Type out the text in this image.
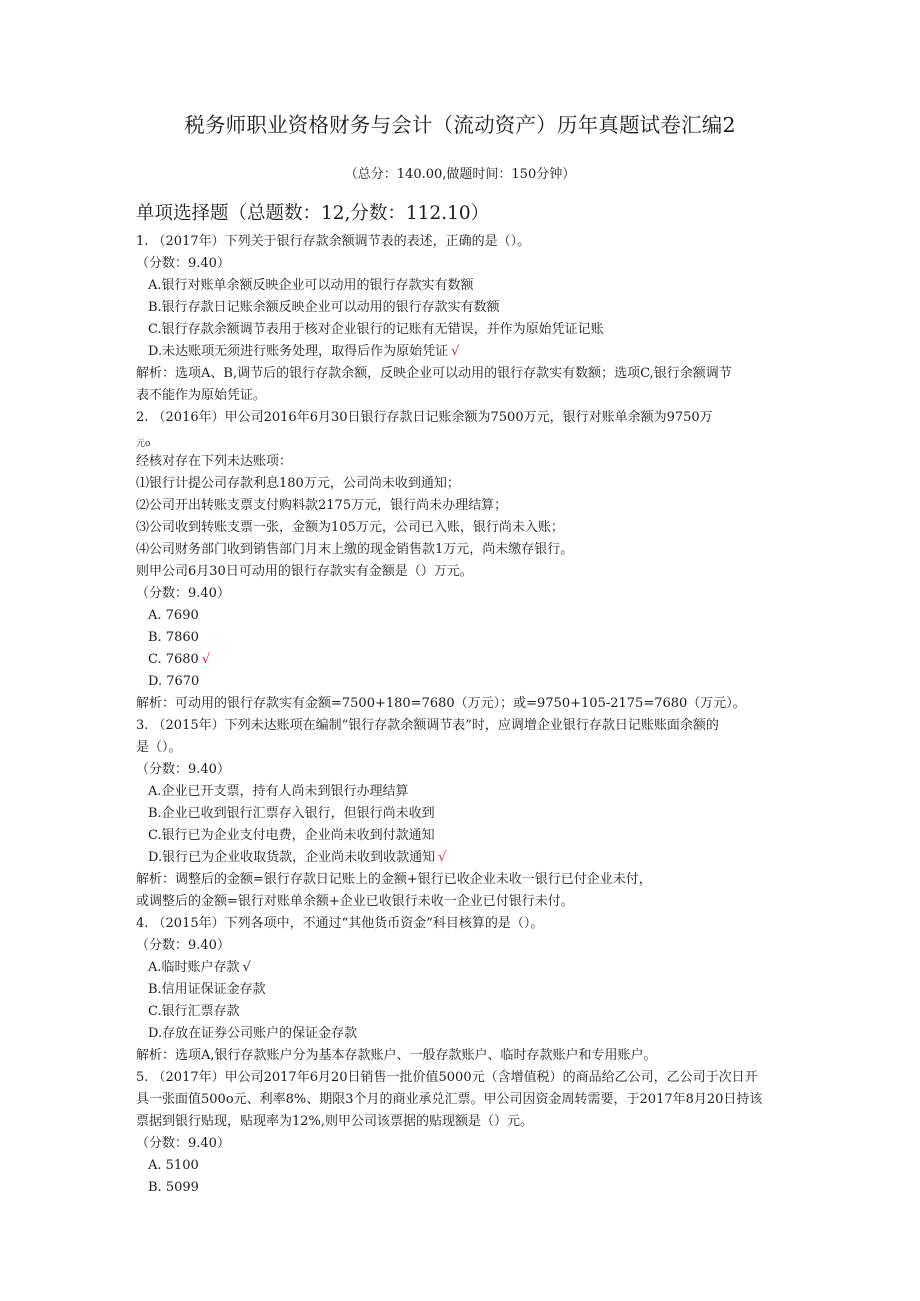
税务师职业资格财务与会计（流动资产）历年真题试卷汇编2
（总分：140.00,做题时间：150分钟）
单项选择题（总题数：12,分数：112.10）
1. （2017年）下列关于银行存款余额调节表的表述，正确的是（）。
（分数：9.40）
A.银行对账单余额反映企业可以动用的银行存款实有数额
B.银行存款日记账余额反映企业可以动用的银行存款实有数额
C.银行存款余额调节表用于核对企业银行的记账有无错误，并作为原始凭证记账
D.未达账项无须进行账务处理，取得后作为原始凭证 √
解析：选项A、B,调节后的银行存款余额，反映企业可以动用的银行存款实有数额；选项C,银行余额调节
表不能作为原始凭证。
2. （2016年）甲公司2016年6月30日银行存款日记账余额为7500万元，银行对账单余额为9750万
元o
经核对存在下列未达账项：
⑴银行计提公司存款利息180万元，公司尚未收到通知；
⑵公司开出转账支票支付购料款2175万元，银行尚未办理结算；
⑶公司收到转账支票一张，金额为105万元，公司已入账，银行尚未入账；
⑷公司财务部门收到销售部门月末上缴的现金销售款1万元，尚未缴存银行。
则甲公司6月30日可动用的银行存款实有金额是（）万元。
（分数：9.40）
A. 7690
B. 7860
C. 7680 √
D. 7670
解析：可动用的银行存款实有金额=7500+180=7680（万元）；或=9750+105-2175=7680（万元）。
3. （2015年）下列未达账项在编制“银行存款余额调节表”时，应调增企业银行存款日记账账面余额的
是（）。
（分数：9.40）
A.企业已开支票，持有人尚未到银行办理结算
B.企业已收到银行汇票存入银行，但银行尚未收到
C.银行已为企业支付电费，企业尚未收到付款通知
D.银行已为企业收取货款，企业尚未收到收款通知 √
解析：调整后的金额=银行存款日记账上的金额+银行已收企业未收一银行已付企业未付，
或调整后的金额=银行对账单余额+企业已收银行未收一企业已付银行未付。
4. （2015年）下列各项中，不通过“其他货币资金”科目核算的是（）。
（分数：9.40）
A.临时账户存款 √
B.信用证保证金存款
C.银行汇票存款
D.存放在证券公司账户的保证金存款
解析：选项A,银行存款账户分为基本存款账户、一般存款账户、临时存款账户和专用账户。
5. （2017年）甲公司2017年6月20日销售一批价值5000元（含增值税）的商品给乙公司，乙公司于次日开
具一张面值500o元、利率8%、期限3个月的商业承兑汇票。甲公司因资金周转需要，于2017年8月20日持该
票据到银行贴现，贴现率为12%,则甲公司该票据的贴现额是（）元。
（分数：9.40）
A. 5100
B. 5099
